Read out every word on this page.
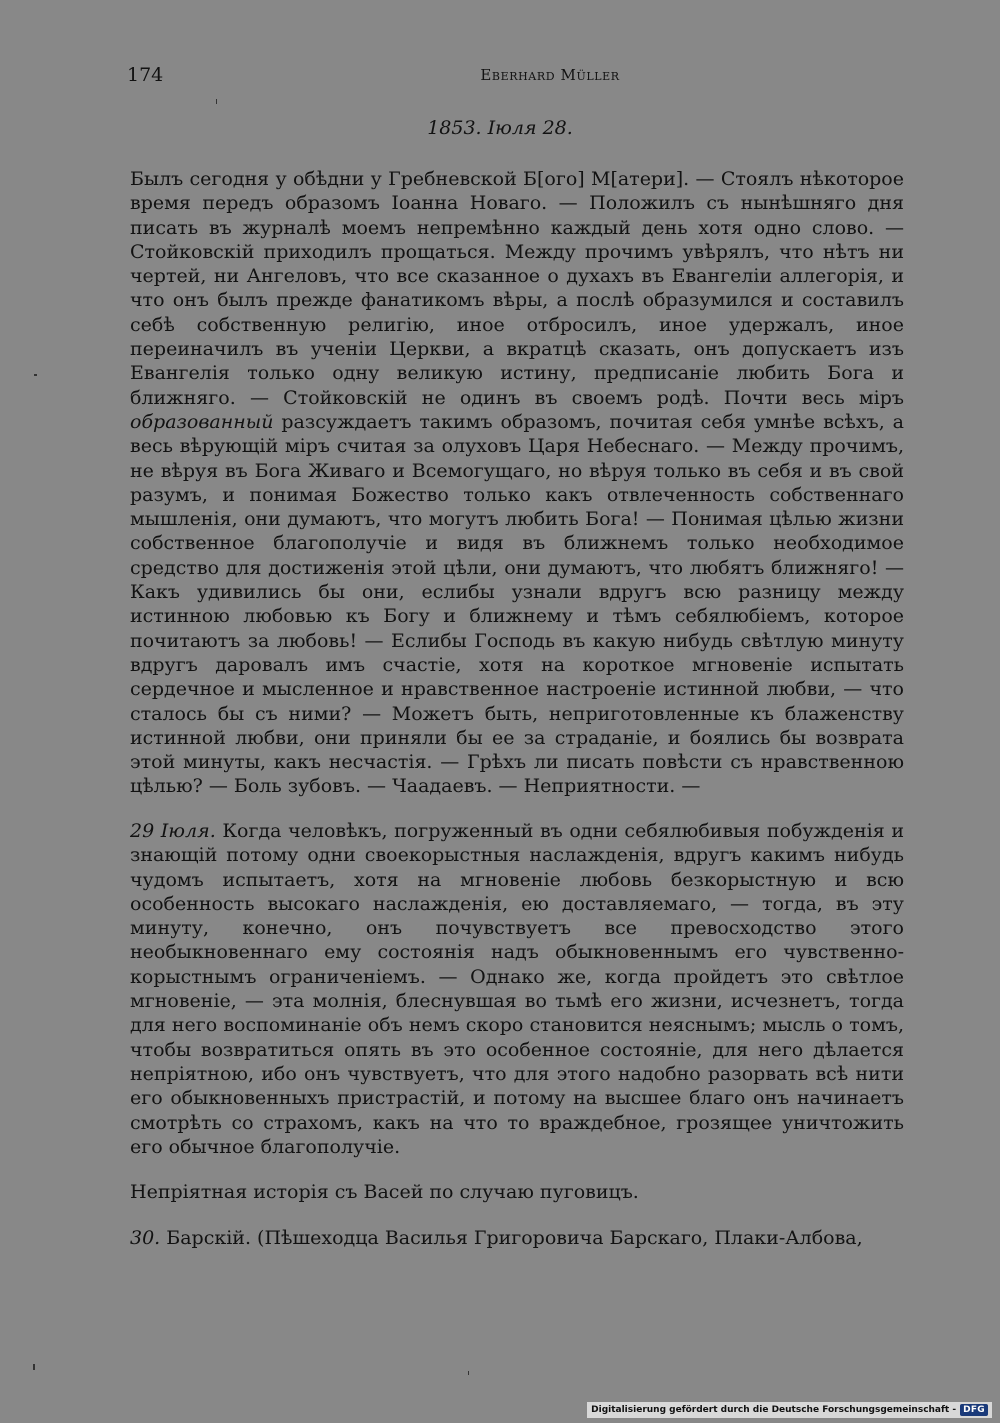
174	Eberhard Müller

1853. Іюля 28.

Былъ сегодня у обѣдни у Гребневской Б[ого] М[атери]. — Стоялъ нѣкоторое время передъ образомъ Іоанна Новаго. — Положилъ съ нынѣшняго дня писать въ журналѣ моемъ непремѣнно каждый день хотя одно слово. — Стойковскій приходилъ прощаться. Между прочимъ увѣрялъ, что нѣтъ ни чертей, ни Ангеловъ, что все сказанное о духахъ въ Евангеліи аллегорія, и что онъ былъ прежде фанатикомъ вѣры, а послѣ образумился и составилъ себѣ собственную религію, иное отбросилъ, иное удержалъ, иное переиначилъ въ ученіи Церкви, а вкратцѣ сказать, онъ допускаетъ изъ Евангелія только одну великую истину, предписаніе любить Бога и ближняго. — Стойковскій не одинъ въ своемъ родѣ. Почти весь міръ образованный разсуждаетъ такимъ образомъ, почитая себя умнѣе всѣхъ, а весь вѣрующій міръ считая за олуховъ Царя Небеснаго. — Между прочимъ, не вѣруя въ Бога Живаго и Всемогущаго, но вѣруя только въ себя и въ свой разумъ, и понимая Божество только какъ отвлеченность собственнаго мышленія, они думаютъ, что могутъ любить Бога! — Понимая цѣлью жизни собственное благополучіе и видя въ ближнемъ только необходимое средство для достиженія этой цѣли, они думаютъ, что любятъ ближняго! — Какъ удивились бы они, еслибы узнали вдругъ всю разницу между истинною любовью къ Богу и ближнему и тѣмъ себялюбіемъ, которое почитаютъ за любовь! — Еслибы Господь въ какую нибудь свѣтлую минуту вдругъ даровалъ имъ счастіе, хотя на короткое мгновеніе испытать сердечное и мысленное и нравственное настроеніе истинной любви, — что сталось бы съ ними? — Можетъ быть, неприготовленные къ блаженству истинной любви, они приняли бы ее за страданіе, и боялись бы возврата этой минуты, какъ несчастія. — Грѣхъ ли писать повѣсти съ нравственною цѣлью? — Боль зубовъ. — Чаадаевъ. — Неприятности. —

29 Іюля. Когда человѣкъ, погруженный въ одни себялюбивыя побужденія и знающій потому одни своекорыстныя наслажденія, вдругъ какимъ нибудь чудомъ испытаетъ, хотя на мгновеніе любовь безкорыстную и всю особенность высокаго наслажденія, ею доставляемаго, — тогда, въ эту минуту, конечно, онъ почувствуетъ все превосходство этого необыкновеннаго ему состоянія надъ обыкновеннымъ его чувственно-корыстнымъ ограниченіемъ. — Однако же, когда пройдетъ это свѣтлое мгновеніе, — эта молнія, блеснувшая во тьмѣ его жизни, исчезнетъ, тогда для него воспоминаніе объ немъ скоро становится неяснымъ; мысль о томъ, чтобы возвратиться опять въ это особенное состояніе, для него дѣлается непріятною, ибо онъ чувствуетъ, что для этого надобно разорвать всѣ нити его обыкновенныхъ пристрастій, и потому на высшее благо онъ начинаетъ смотрѣть со страхомъ, какъ на что то враждебное, грозящее уничтожить его обычное благополучіе.

Непріятная исторія съ Васей по случаю пуговицъ.

30. Барскій. (Пѣшеходца Василья Григоровича Барскаго, Плаки-Албова,

Digitalisierung gefördert durch die Deutsche Forschungsgemeinschaft - DFG
